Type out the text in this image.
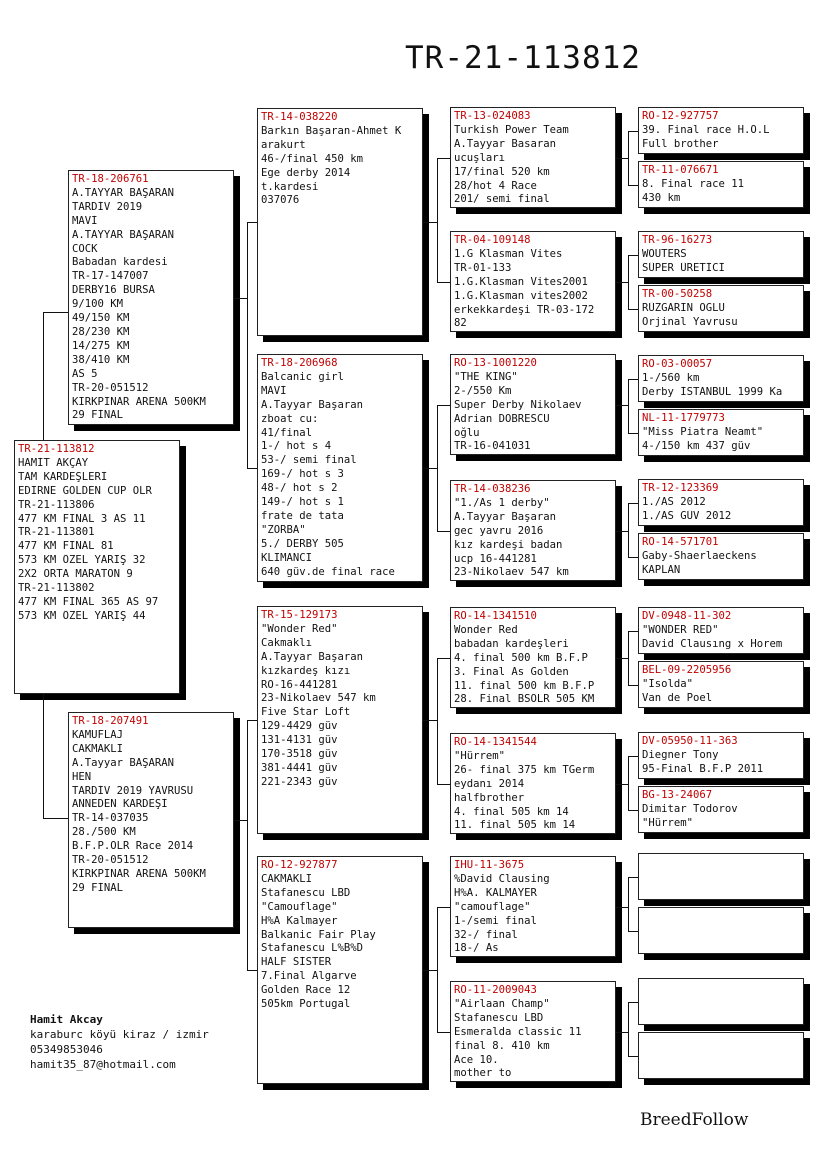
TR-21-113812
TR-21-113812
HAMİT AKÇAY
TAM KARDEŞLERİ
EDIRNE GOLDEN CUP OLR
TR-21-113806
477 KM FINAL 3 AS 11
TR-21-113801
477 KM FINAL 81
573 KM ÖZEL YARIŞ 32
2X2 ORTA MARATON 9
TR-21-113802
477 KM FINAL 365 AS 97
573 KM ÖZEL YARIŞ 44
TR-18-206761
A.TAYYAR BAŞARAN
TARDİV 2019
MAVİ
A.TAYYAR BAŞARAN
COCK
Babadan kardesi
TR-17-147007
DERBY16 BURSA
9/100 KM
49/150 KM
28/230 KM
14/275 KM
38/410 KM
AS 5
TR-20-051512
KIRKPINAR ARENA 500KM
29 FİNAL
TR-18-207491
KAMUFLAJ
CAKMAKLI
A.Tayyar BAŞARAN
HEN
TARDİV 2019 YAVRUSU
ANNEDEN KARDEŞİ
TR-14-037035
28./500 KM
B.F.P.OLR Race 2014
TR-20-051512
KIRKPINAR ARENA 500KM
29 FİNAL
TR-14-038220
Barkın Başaran-Ahmet K
arakurt
46-/final 450 km
Ege derby 2014
t.kardesi
037076
TR-18-206968
Balcanic girl
MAVİ
A.Tayyar Başaran
zboat cu:
41/final
1-/ hot s 4
53-/ semi final
169-/ hot s 3
48-/ hot s 2
149-/ hot s 1
frate de tata
"ZORBA"
5./ DERBY 505
KLIMANCI
640 güv.de final race
TR-15-129173
"Wonder Red"
Cakmaklı
A.Tayyar Başaran
kızkardeş kızı
RO-16-441281
23-Nikolaev 547 km
Five Star Loft
129-4429 güv
131-4131 güv
170-3518 güv
381-4441 güv
221-2343 güv
RO-12-927877
CAKMAKLI
Stafanescu LBD
"Camouflage"
H%A Kalmayer
Balkanic Fair Play
Stafanescu L%B%D
HALF SİSTER
7.Final Algarve
Golden Race 12
505km Portugal
TR-13-024083
Turkish Power Team
A.Tayyar Basaran
ucuşları
17/final 520 km
28/hot 4 Race
201/ semi final
TR-04-109148
1.G Klasman Vites
TR-01-133
1.G.Klasman Vites2001
1.G.Klasman vites2002
erkekkardeşi TR-03-172
82
RO-13-1001220
"THE KING"
2-/550 Km
Super Derby Nikolaev
Adrian DOBRESCU
oğlu
TR-16-041031
TR-14-038236
"1./As 1 derby"
A.Tayyar Başaran
gec yavru 2016
kız kardeşi badan
ucp 16-441281
23-Nikolaev 547 km
RO-14-1341510
Wonder Red
babadan kardeşleri
4. final 500 km B.F.P
3. Final As Golden
11. final 500 km B.F.P
28. Final BSOLR 505 KM
RO-14-1341544
"Hürrem"
26- final 375 km TGerm
eydanı 2014
halfbrother
4. final 505 km 14
11. final 505 km 14
IHU-11-3675
%David Clausing
H%A. KALMAYER
"camouflage"
1-/semi final
32-/ final
18-/ As
RO-11-2009043
"Airlaan Champ"
Stafanescu LBD
Esmeralda classic 11
final 8. 410 km
Ace 10.
mother to
RO-12-927757
39. Final race H.O.L
Full brother
TR-11-076671
8. Final race 11
430 km
TR-96-16273
WOUTERS
SÜPER ÜRETİCİ
TR-00-50258
RÜZGARIN OGLU
Orjinal Yavrusu
RO-03-00057
1-/560 km
Derby İSTANBUL 1999 Ka
NL-11-1779773
"Miss Piatra Neamt"
4-/150 km 437 güv
TR-12-123369
1./AS 2012
1./AS GÜV 2012
RO-14-571701
Gaby-Shaerlaeckens
KAPLAN
DV-0948-11-302
"WONDER RED"
David Clausıng x Horem
BEL-09-2205956
"Isolda"
Van de Poel
DV-05950-11-363
Diegner Tony
95-Final B.F.P 2011
BG-13-24067
Dimitar Todorov
"Hürrem"
Hamit Akcay
karaburc köyü kiraz / izmir
05349853046
hamit35_87@hotmail.com
BreedFollow
